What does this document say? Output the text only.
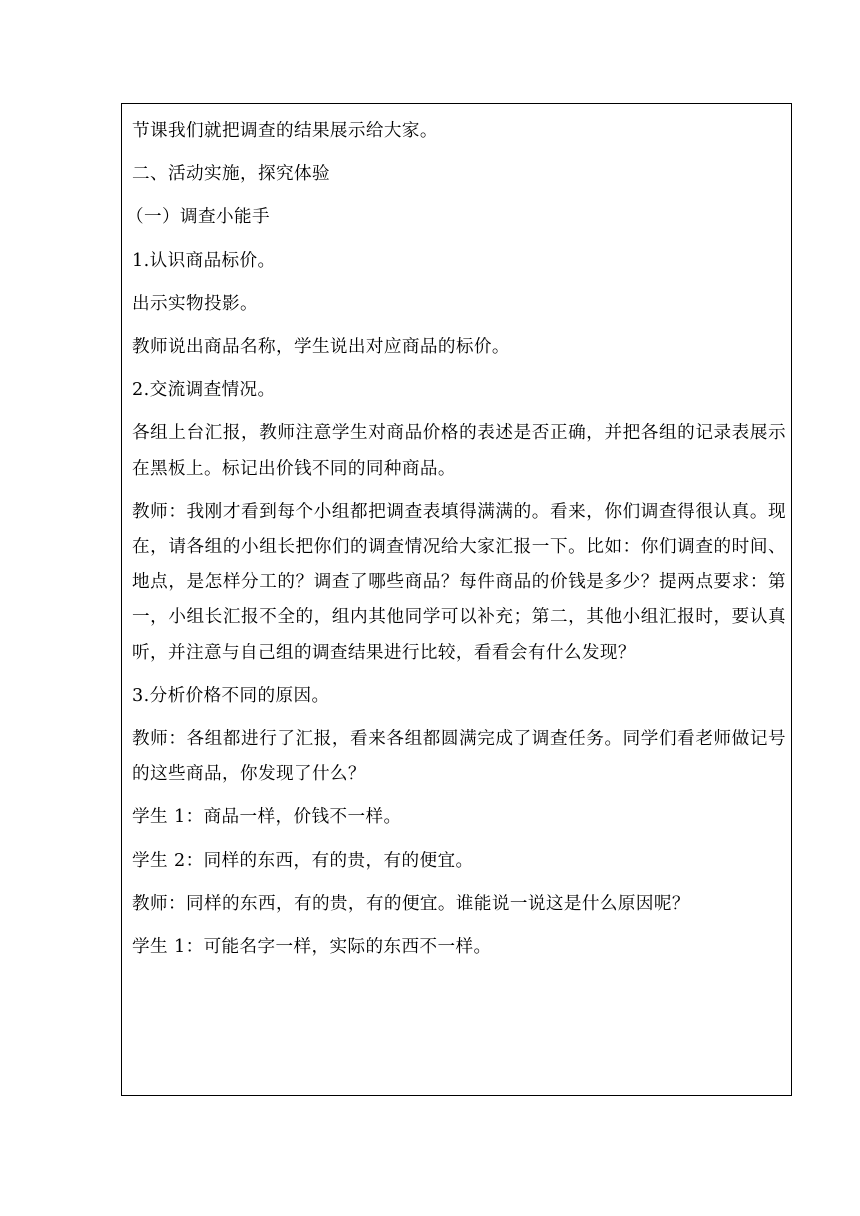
节课我们就把调查的结果展示给大家。

二、活动实施，探究体验

（一）调查小能手

1.认识商品标价。

出示实物投影。

教师说出商品名称，学生说出对应商品的标价。

2.交流调查情况。

各组上台汇报，教师注意学生对商品价格的表述是否正确，并把各组的记录表展示在黑板上。标记出价钱不同的同种商品。

教师：我刚才看到每个小组都把调查表填得满满的。看来，你们调查得很认真。现在，请各组的小组长把你们的调查情况给大家汇报一下。比如：你们调查的时间、地点，是怎样分工的？调查了哪些商品？每件商品的价钱是多少？提两点要求：第一，小组长汇报不全的，组内其他同学可以补充；第二，其他小组汇报时，要认真听，并注意与自己组的调查结果进行比较，看看会有什么发现？

3.分析价格不同的原因。

教师：各组都进行了汇报，看来各组都圆满完成了调查任务。同学们看老师做记号的这些商品，你发现了什么？

学生 1：商品一样，价钱不一样。

学生 2：同样的东西，有的贵，有的便宜。

教师：同样的东西，有的贵，有的便宜。谁能说一说这是什么原因呢？

学生 1：可能名字一样，实际的东西不一样。
